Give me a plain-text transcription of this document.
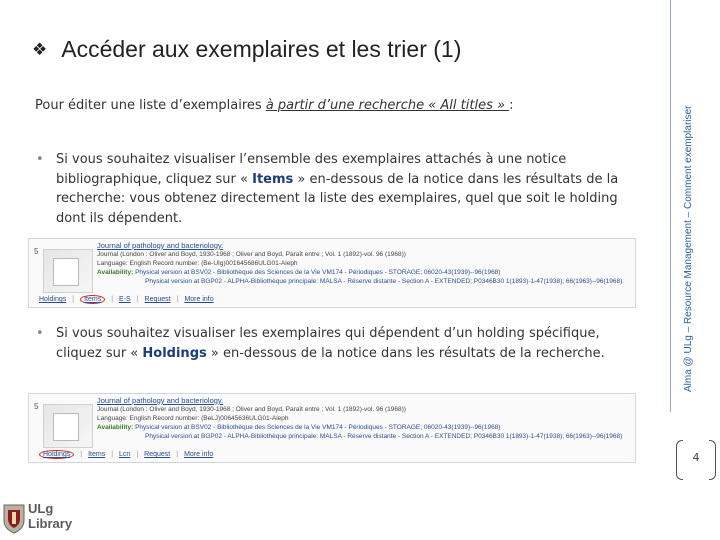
❖ Accéder aux exemplaires et les trier (1)
Pour éditer une liste d’exemplaires à partir d’une recherche « All titles » :
• Si vous souhaitez visualiser l’ensemble des exemplaires attachés à une notice bibliographique, cliquez sur « Items » en-dessous de la notice dans les résultats de la recherche: vous obtenez directement la liste des exemplaires, quel que soit le holding dont ils dépendent.
5
Journal of pathology and bacteriology.
Journal (London : Oliver and Boyd, 1930-1968 ; Oliver and Boyd, Paraît entre ; Vol. 1 (1892)-vol. 96 (1968))
Language: English Record number: (Be-UIg)001645686ULG01-Aleph
Availability: Physical version at BSV02 - Bibliothèque des Sciences de la Vie VM174 - Périodiques - STORAGE; 06020-43(1939)--96(1968)
Physical version at BGP02 - ALPHA-Bibliothèque principale: MALSA - Réserve distante - Section A - EXTENDED; P0346B30 1(1893)-1-47(1938); 66(1963)--96(1968)
Holdings | Items | E-S | Request | More info
• Si vous souhaitez visualiser les exemplaires qui dépendent d’un holding spécifique, cliquez sur « Holdings » en-dessous de la notice dans les résultats de la recherche.
5
Journal of pathology and bacteriology.
Journal (London : Oliver and Boyd, 1930-1968 ; Oliver and Boyd, Paraît entre ; Vol. 1 (1892)-vol. 96 (1968))
Language: English Record number: (BeLJ)00645636ULG01-Aleph
Availability: Physical version at BSV02 - Bibliothèque des Sciences de la Vie VM174 - Périodiques - STORAGE; 06020-43(1939)--96(1968)
Physical version at BGP02 - ALPHA-Bibliothèque principale: MALSA - Réserve distante - Section A - EXTENDED; P0346B30 1(1893)-1-47(1938); 66(1963)--96(1968)
Holdings | Items | Lcn | Request | More info
Alma @ ULg – Resource Management – Comment exemplariser
4
ULg
Library
